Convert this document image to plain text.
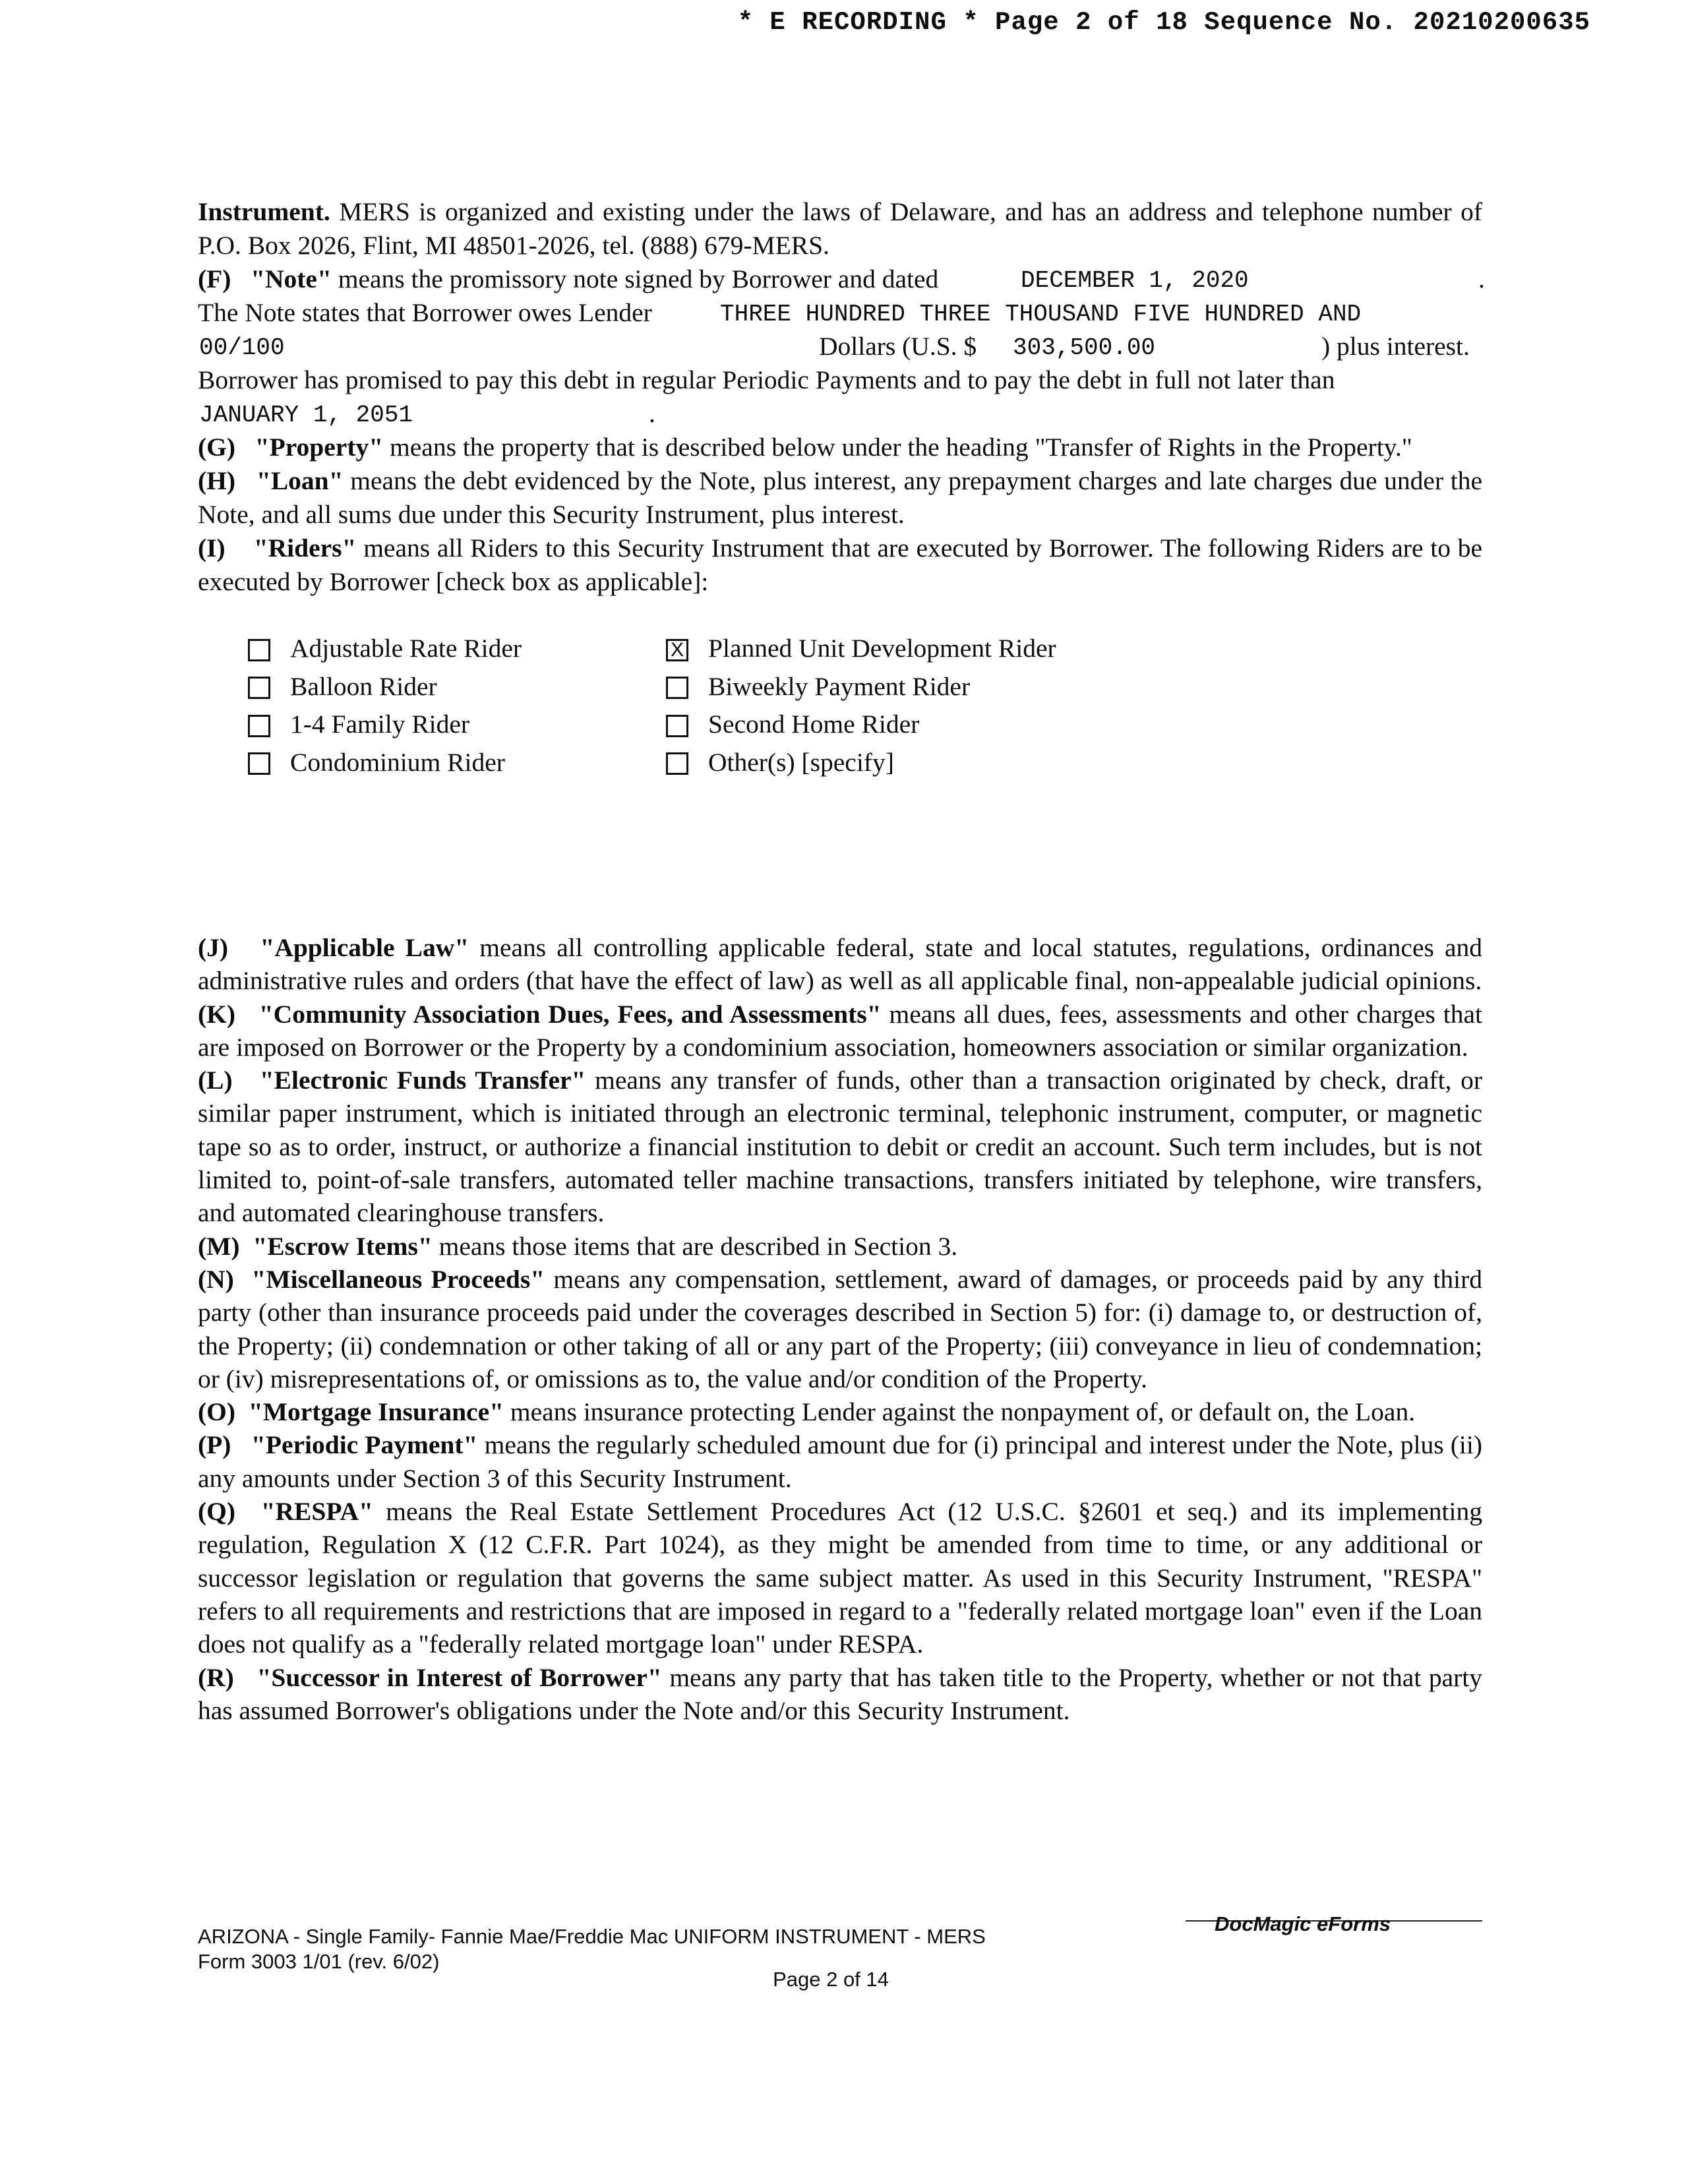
* E RECORDING * Page 2 of 18 Sequence No. 20210200635

Instrument. MERS is organized and existing under the laws of Delaware, and has an address and telephone number of P.O. Box 2026, Flint, MI 48501-2026, tel. (888) 679-MERS.

(F) "Note" means the promissory note signed by Borrower and dated	DECEMBER 1, 2020	.
The Note states that Borrower owes Lender	THREE HUNDRED THREE THOUSAND FIVE HUNDRED AND
00/100	Dollars (U.S. $ 303,500.00	) plus interest.

Borrower has promised to pay this debt in regular Periodic Payments and to pay the debt in full not later than

JANUARY 1, 2051	.

(G) "Property" means the property that is described below under the heading "Transfer of Rights in the Property."

(H) "Loan" means the debt evidenced by the Note, plus interest, any prepayment charges and late charges due under the Note, and all sums due under this Security Instrument, plus interest.

(I) "Riders" means all Riders to this Security Instrument that are executed by Borrower. The following Riders are to be executed by Borrower [check box as applicable]:

Adjustable Rate Rider	X Planned Unit Development Rider
Balloon Rider	Biweekly Payment Rider
1-4 Family Rider	Second Home Rider
Condominium Rider	Other(s) [specify]

(J) "Applicable Law" means all controlling applicable federal, state and local statutes, regulations, ordinances and administrative rules and orders (that have the effect of law) as well as all applicable final, non-appealable judicial opinions.

(K) "Community Association Dues, Fees, and Assessments" means all dues, fees, assessments and other charges that are imposed on Borrower or the Property by a condominium association, homeowners association or similar organization.

(L) "Electronic Funds Transfer" means any transfer of funds, other than a transaction originated by check, draft, or similar paper instrument, which is initiated through an electronic terminal, telephonic instrument, computer, or magnetic tape so as to order, instruct, or authorize a financial institution to debit or credit an account. Such term includes, but is not limited to, point-of-sale transfers, automated teller machine transactions, transfers initiated by telephone, wire transfers, and automated clearinghouse transfers.

(M) "Escrow Items" means those items that are described in Section 3.

(N) "Miscellaneous Proceeds" means any compensation, settlement, award of damages, or proceeds paid by any third party (other than insurance proceeds paid under the coverages described in Section 5) for: (i) damage to, or destruction of, the Property; (ii) condemnation or other taking of all or any part of the Property; (iii) conveyance in lieu of condemnation; or (iv) misrepresentations of, or omissions as to, the value and/or condition of the Property.

(O) "Mortgage Insurance" means insurance protecting Lender against the nonpayment of, or default on, the Loan.

(P) "Periodic Payment" means the regularly scheduled amount due for (i) principal and interest under the Note, plus (ii) any amounts under Section 3 of this Security Instrument.

(Q) "RESPA" means the Real Estate Settlement Procedures Act (12 U.S.C. §2601 et seq.) and its implementing regulation, Regulation X (12 C.F.R. Part 1024), as they might be amended from time to time, or any additional or successor legislation or regulation that governs the same subject matter. As used in this Security Instrument, "RESPA" refers to all requirements and restrictions that are imposed in regard to a "federally related mortgage loan" even if the Loan does not qualify as a "federally related mortgage loan" under RESPA.

(R) "Successor in Interest of Borrower" means any party that has taken title to the Property, whether or not that party has assumed Borrower's obligations under the Note and/or this Security Instrument.

ARIZONA - Single Family- Fannie Mae/Freddie Mac UNIFORM INSTRUMENT - MERS
Form 3003 1/01 (rev. 6/02)
DocMagic eForms
Page 2 of 14
